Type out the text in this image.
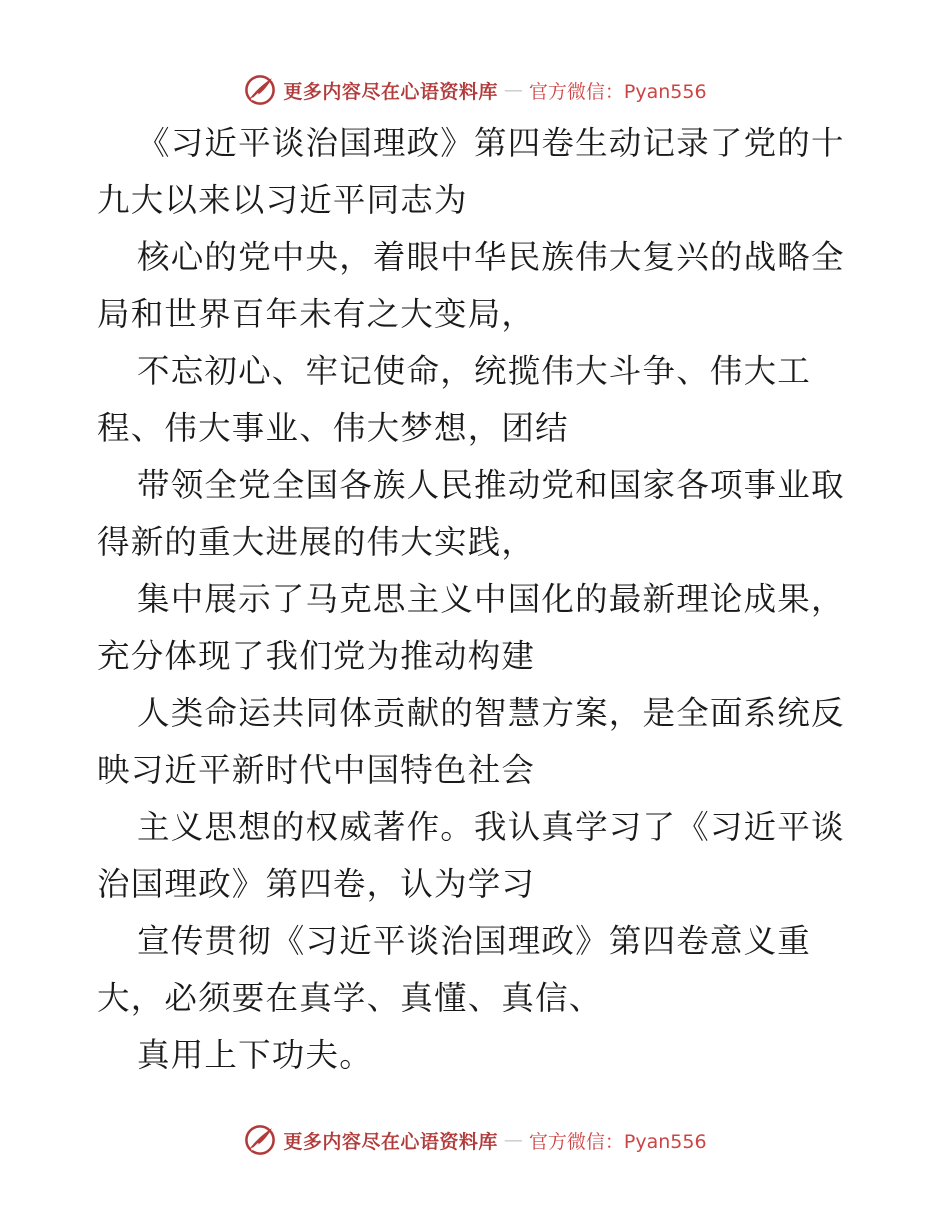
更多内容尽在心语资料库 — 官方微信：Pyan556

《习近平谈治国理政》第四卷生动记录了党的十九大以来以习近平同志为

核心的党中央，着眼中华民族伟大复兴的战略全局和世界百年未有之大变局，

不忘初心、牢记使命，统揽伟大斗争、伟大工程、伟大事业、伟大梦想，团结

带领全党全国各族人民推动党和国家各项事业取得新的重大进展的伟大实践，

集中展示了马克思主义中国化的最新理论成果，充分体现了我们党为推动构建

人类命运共同体贡献的智慧方案，是全面系统反映习近平新时代中国特色社会

主义思想的权威著作。我认真学习了《习近平谈治国理政》第四卷，认为学习

宣传贯彻《习近平谈治国理政》第四卷意义重大，必须要在真学、真懂、真信、

真用上下功夫。

更多内容尽在心语资料库 — 官方微信：Pyan556
